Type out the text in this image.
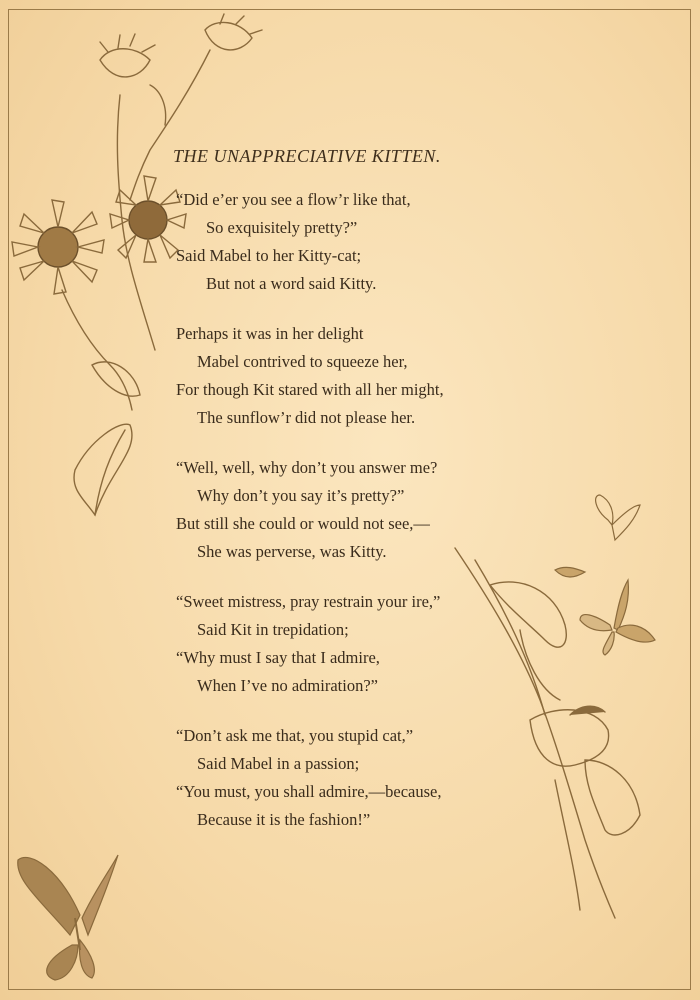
THE UNAPPRECIATIVE KITTEN.
“Did e’er you see a flow’r like that,
So exquisitely pretty?”
Said Mabel to her Kitty-cat;
But not a word said Kitty.
Perhaps it was in her delight
Mabel contrived to squeeze her,
For though Kit stared with all her might,
The sunflow’r did not please her.
“Well, well, why don’t you answer me?
Why don’t you say it’s pretty?”
But still she could or would not see,—
She was perverse, was Kitty.
“Sweet mistress, pray restrain your ire,”
Said Kit in trepidation;
“Why must I say that I admire,
When I’ve no admiration?”
“Don’t ask me that, you stupid cat,”
Said Mabel in a passion;
“You must, you shall admire,—because,
Because it is the fashion!”
